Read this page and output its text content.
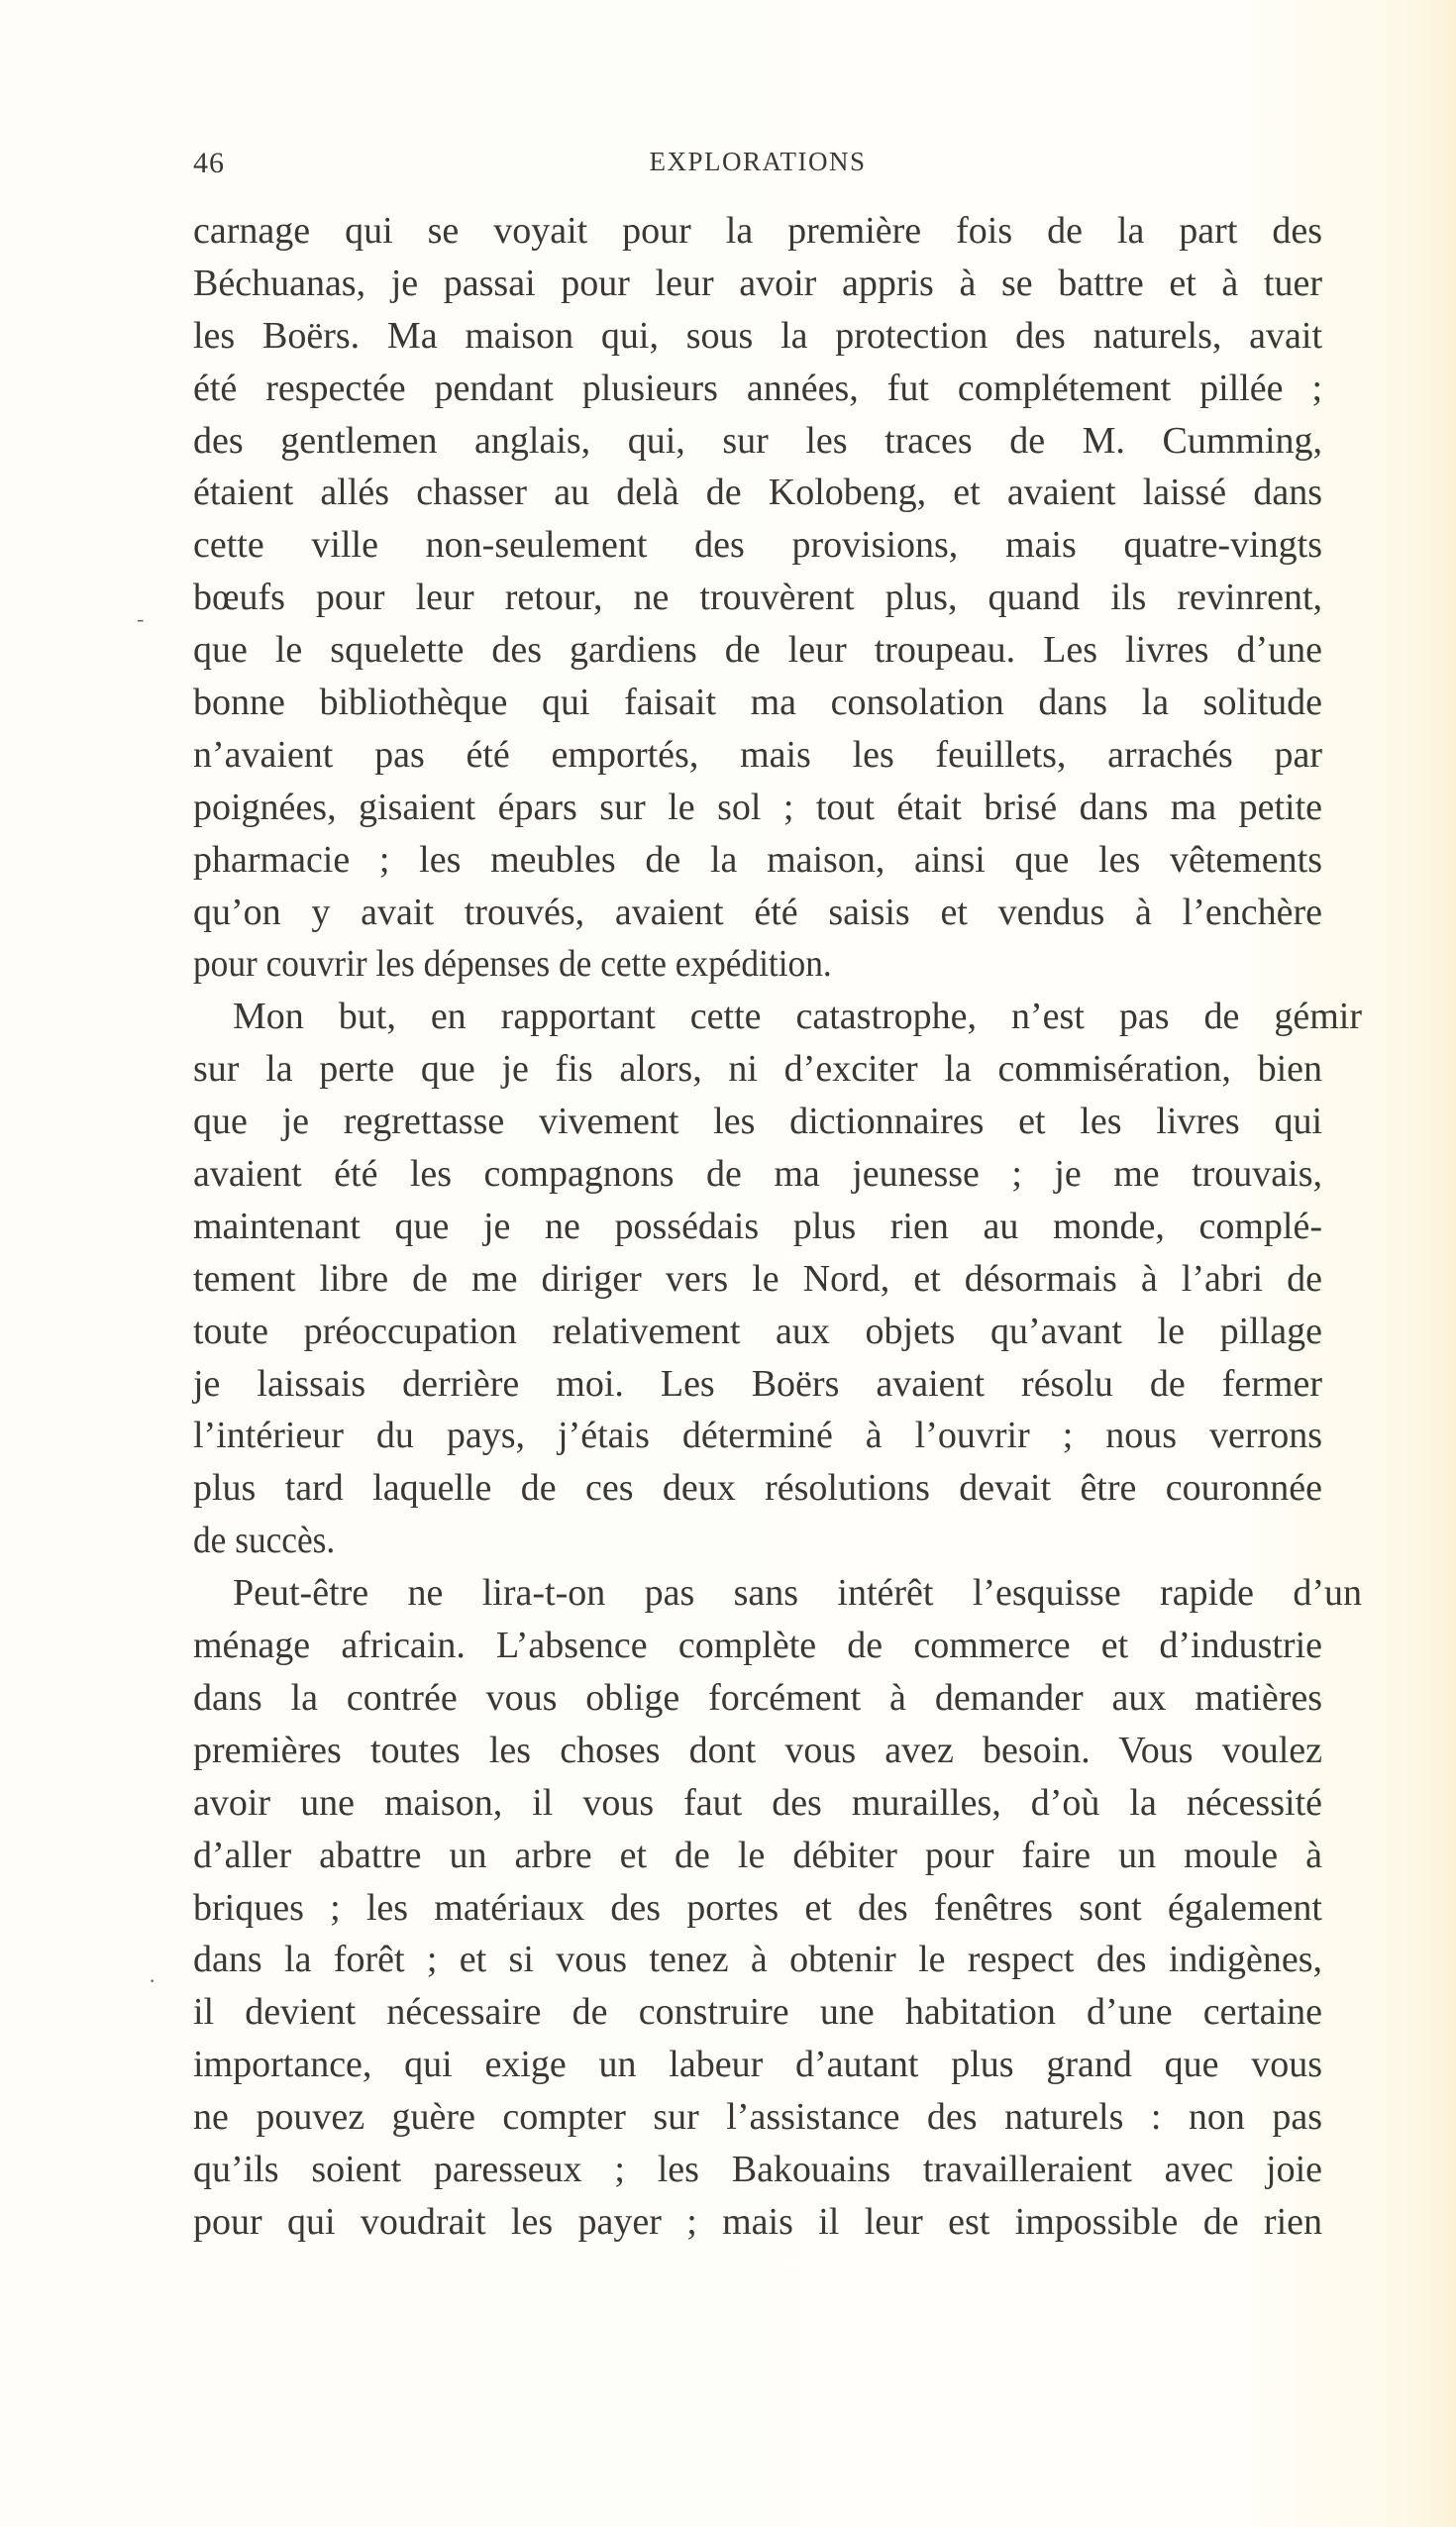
46	EXPLORATIONS
carnage qui se voyait pour la première fois de la part des
Béchuanas, je passai pour leur avoir appris à se battre et à tuer
les Boërs. Ma maison qui, sous la protection des naturels, avait
été respectée pendant plusieurs années, fut complétement pillée ;
des gentlemen anglais, qui, sur les traces de M. Cumming,
étaient allés chasser au delà de Kolobeng, et avaient laissé dans
cette ville non-seulement des provisions, mais quatre-vingts
bœufs pour leur retour, ne trouvèrent plus, quand ils revinrent,
que le squelette des gardiens de leur troupeau. Les livres d’une
bonne bibliothèque qui faisait ma consolation dans la solitude
n’avaient pas été emportés, mais les feuillets, arrachés par
poignées, gisaient épars sur le sol ; tout était brisé dans ma petite
pharmacie ; les meubles de la maison, ainsi que les vêtements
qu’on y avait trouvés, avaient été saisis et vendus à l’enchère
pour couvrir les dépenses de cette expédition.
Mon but, en rapportant cette catastrophe, n’est pas de gémir
sur la perte que je fis alors, ni d’exciter la commisération, bien
que je regrettasse vivement les dictionnaires et les livres qui
avaient été les compagnons de ma jeunesse ; je me trouvais,
maintenant que je ne possédais plus rien au monde, complé-
tement libre de me diriger vers le Nord, et désormais à l’abri de
toute préoccupation relativement aux objets qu’avant le pillage
je laissais derrière moi. Les Boërs avaient résolu de fermer
l’intérieur du pays, j’étais déterminé à l’ouvrir ; nous verrons
plus tard laquelle de ces deux résolutions devait être couronnée
de succès.
Peut-être ne lira-t-on pas sans intérêt l’esquisse rapide d’un
ménage africain. L’absence complète de commerce et d’industrie
dans la contrée vous oblige forcément à demander aux matières
premières toutes les choses dont vous avez besoin. Vous voulez
avoir une maison, il vous faut des murailles, d’où la nécessité
d’aller abattre un arbre et de le débiter pour faire un moule à
briques ; les matériaux des portes et des fenêtres sont également
dans la forêt ; et si vous tenez à obtenir le respect des indigènes,
il devient nécessaire de construire une habitation d’une certaine
importance, qui exige un labeur d’autant plus grand que vous
ne pouvez guère compter sur l’assistance des naturels : non pas
qu’ils soient paresseux ; les Bakouains travailleraient avec joie
pour qui voudrait les payer ; mais il leur est impossible de rien
-
·
